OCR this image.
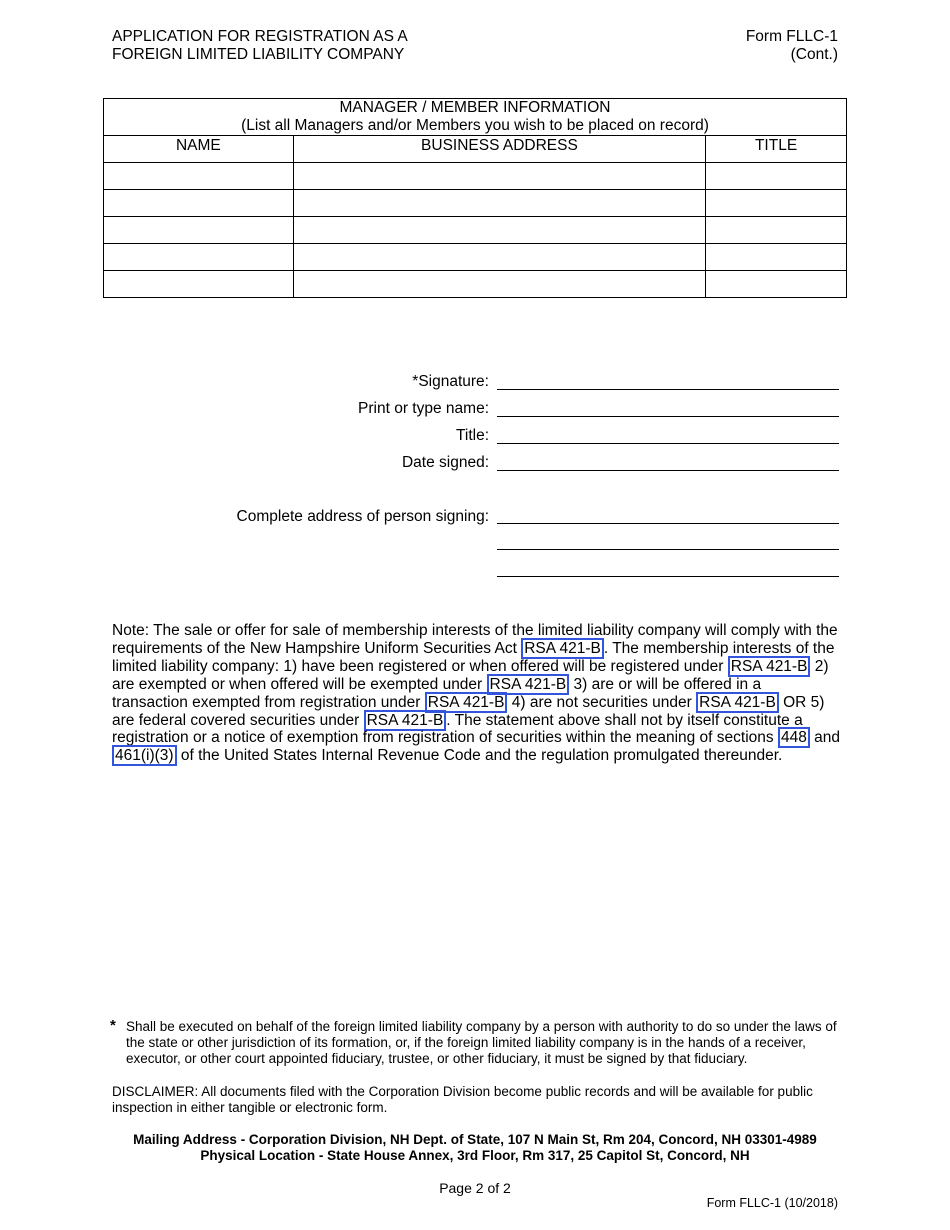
APPLICATION FOR REGISTRATION AS A
FOREIGN LIMITED LIABILITY COMPANY
Form FLLC-1
(Cont.)
MANAGER / MEMBER INFORMATION
(List all Managers and/or Members you wish to be placed on record)		

NAME	BUSINESS ADDRESS	TITLE

*Signature:
Print or type name:
Title:
Date signed:
Complete address of person signing:
Note: The sale or offer for sale of membership interests of the limited liability company will comply with the requirements of the New Hampshire Uniform Securities Act RSA 421-B . The membership interests of the limited liability company: 1) have been registered or when offered will be registered under RSA 421-B 2) are exempted or when offered will be exempted under RSA 421-B 3) are or will be offered in a transaction exempted from registration under RSA 421-B 4) are not securities under RSA 421-B OR 5) are federal covered securities under RSA 421-B . The statement above shall not by itself constitute a registration or a notice of exemption from registration of securities within the meaning of sections 448 and 461(i)(3) of the United States Internal Revenue Code and the regulation promulgated thereunder.
* Shall be executed on behalf of the foreign limited liability company by a person with authority to do so under the laws of the state or other jurisdiction of its formation, or, if the foreign limited liability company is in the hands of a receiver, executor, or other court appointed fiduciary, trustee, or other fiduciary, it must be signed by that fiduciary.
DISCLAIMER: All documents filed with the Corporation Division become public records and will be available for public inspection in either tangible or electronic form.
Mailing Address - Corporation Division, NH Dept. of State, 107 N Main St, Rm 204, Concord, NH 03301-4989
Physical Location - State House Annex, 3rd Floor, Rm 317, 25 Capitol St, Concord, NH
Page 2 of 2
Form FLLC-1 (10/2018)
